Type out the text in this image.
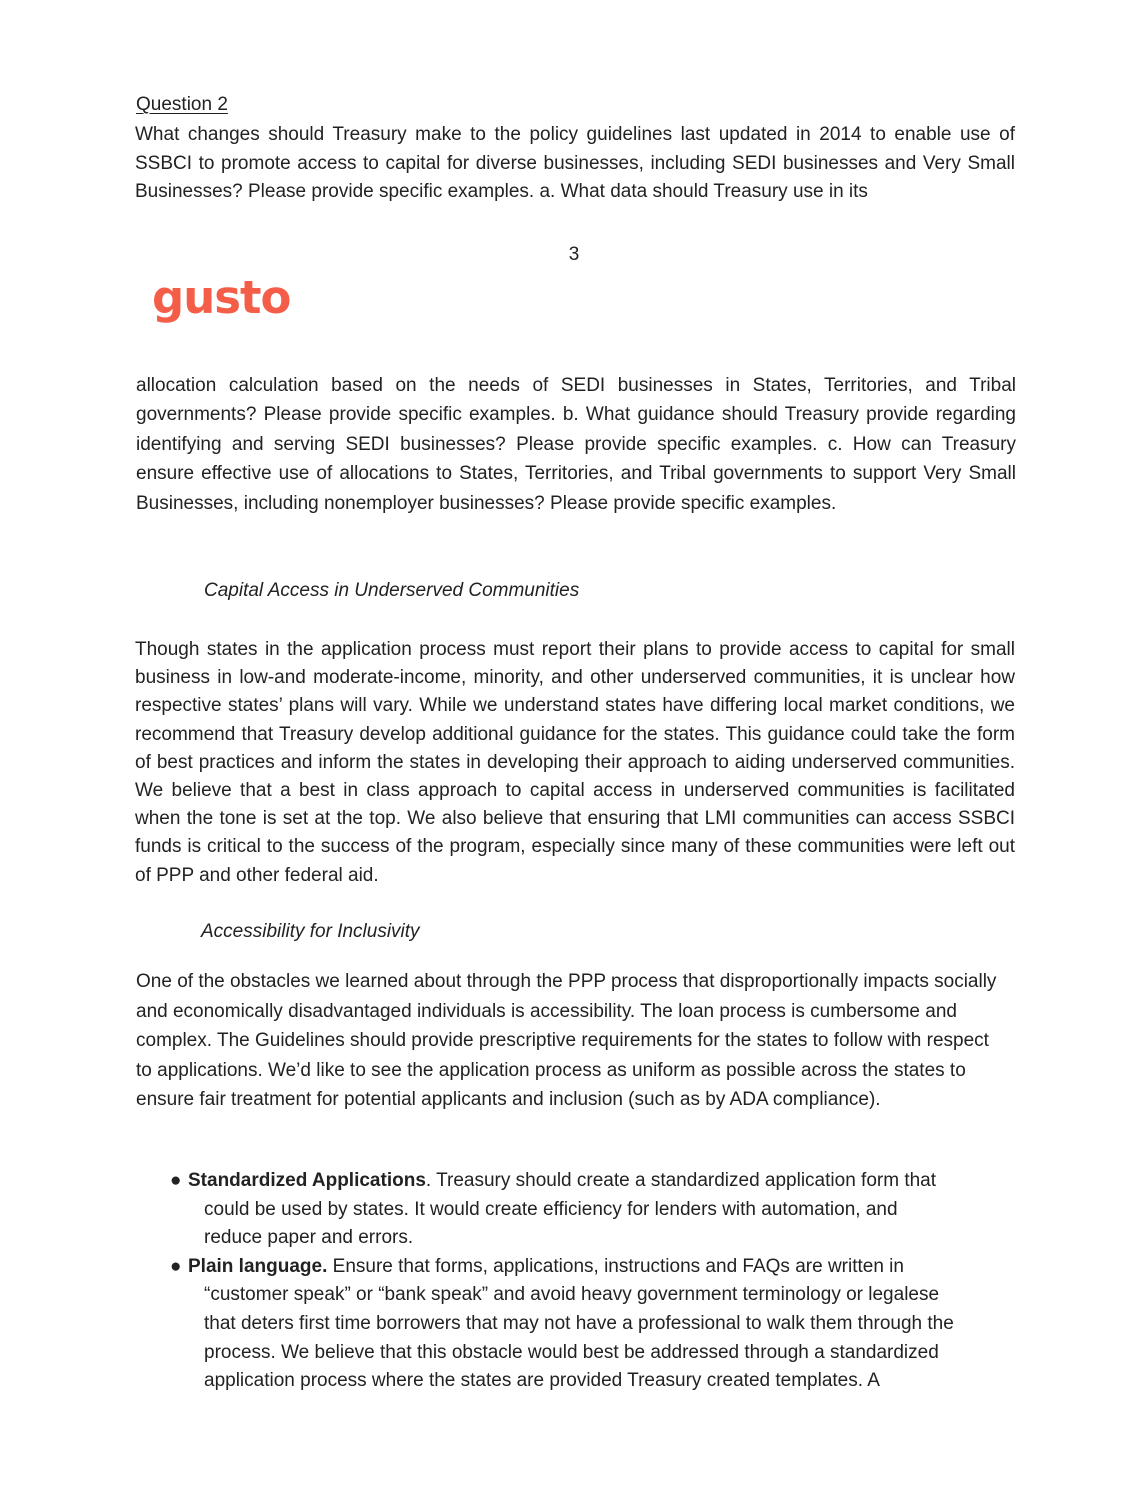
Question 2

What changes should Treasury make to the policy guidelines last updated in 2014 to enable use of SSBCI to promote access to capital for diverse businesses, including SEDI businesses and Very Small Businesses? Please provide specific examples. a. What data should Treasury use in its

3
gusto

allocation calculation based on the needs of SEDI businesses in States, Territories, and Tribal governments? Please provide specific examples. b. What guidance should Treasury provide regarding identifying and serving SEDI businesses? Please provide specific examples. c. How can Treasury ensure effective use of allocations to States, Territories, and Tribal governments to support Very Small Businesses, including nonemployer businesses? Please provide specific examples.

Capital Access in Underserved Communities

Though states in the application process must report their plans to provide access to capital for small business in low-and moderate-income, minority, and other underserved communities, it is unclear how respective states’ plans will vary. While we understand states have differing local market conditions, we recommend that Treasury develop additional guidance for the states. This guidance could take the form of best practices and inform the states in developing their approach to aiding underserved communities. We believe that a best in class approach to capital access in underserved communities is facilitated when the tone is set at the top. We also believe that ensuring that LMI communities can access SSBCI funds is critical to the success of the program, especially since many of these communities were left out of PPP and other federal aid.

Accessibility for Inclusivity

One of the obstacles we learned about through the PPP process that disproportionally impacts socially and economically disadvantaged individuals is accessibility. The loan process is cumbersome and complex. The Guidelines should provide prescriptive requirements for the states to follow with respect to applications. We’d like to see the application process as uniform as possible across the states to ensure fair treatment for potential applicants and inclusion (such as by ADA compliance).

● Standardized Applications. Treasury should create a standardized application form that
could be used by states. It would create efficiency for lenders with automation, and
reduce paper and errors.
● Plain language. Ensure that forms, applications, instructions and FAQs are written in
“customer speak” or “bank speak” and avoid heavy government terminology or legalese
that deters first time borrowers that may not have a professional to walk them through the
process. We believe that this obstacle would best be addressed through a standardized
application process where the states are provided Treasury created templates. A
